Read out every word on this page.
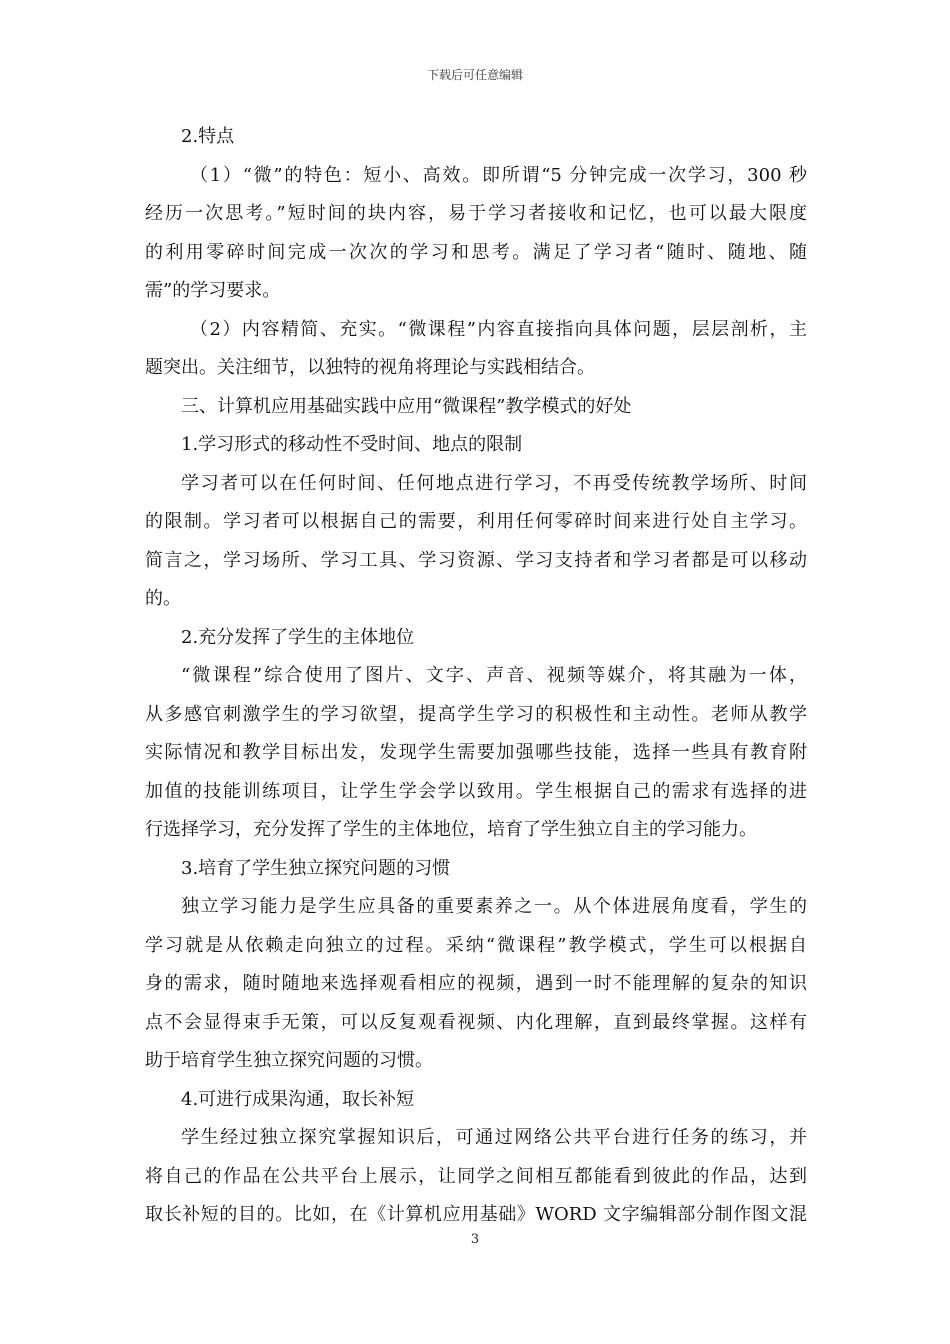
下载后可任意编辑
2.特点
（1）“微”的特色：短小、高效。即所谓“5 分钟完成一次学习，300 秒
经历一次思考。”短时间的块内容，易于学习者接收和记忆，也可以最大限度
的利用零碎时间完成一次次的学习和思考。满足了学习者“随时、随地、随
需”的学习要求。
（2）内容精简、充实。“微课程”内容直接指向具体问题，层层剖析，主
题突出。关注细节，以独特的视角将理论与实践相结合。
三、计算机应用基础实践中应用“微课程”教学模式的好处
1.学习形式的移动性不受时间、地点的限制
学习者可以在任何时间、任何地点进行学习，不再受传统教学场所、时间
的限制。学习者可以根据自己的需要，利用任何零碎时间来进行处自主学习。
简言之，学习场所、学习工具、学习资源、学习支持者和学习者都是可以移动
的。
2.充分发挥了学生的主体地位
“微课程”综合使用了图片、文字、声音、视频等媒介，将其融为一体，
从多感官刺激学生的学习欲望，提高学生学习的积极性和主动性。老师从教学
实际情况和教学目标出发，发现学生需要加强哪些技能，选择一些具有教育附
加值的技能训练项目，让学生学会学以致用。学生根据自己的需求有选择的进
行选择学习，充分发挥了学生的主体地位，培育了学生独立自主的学习能力。
3.培育了学生独立探究问题的习惯
独立学习能力是学生应具备的重要素养之一。从个体进展角度看，学生的
学习就是从依赖走向独立的过程。采纳“微课程”教学模式，学生可以根据自
身的需求，随时随地来选择观看相应的视频，遇到一时不能理解的复杂的知识
点不会显得束手无策，可以反复观看视频、内化理解，直到最终掌握。这样有
助于培育学生独立探究问题的习惯。
4.可进行成果沟通，取长补短
学生经过独立探究掌握知识后，可通过网络公共平台进行任务的练习，并
将自己的作品在公共平台上展示，让同学之间相互都能看到彼此的作品，达到
取长补短的目的。比如，在《计算机应用基础》WORD 文字编辑部分制作图文混
3
